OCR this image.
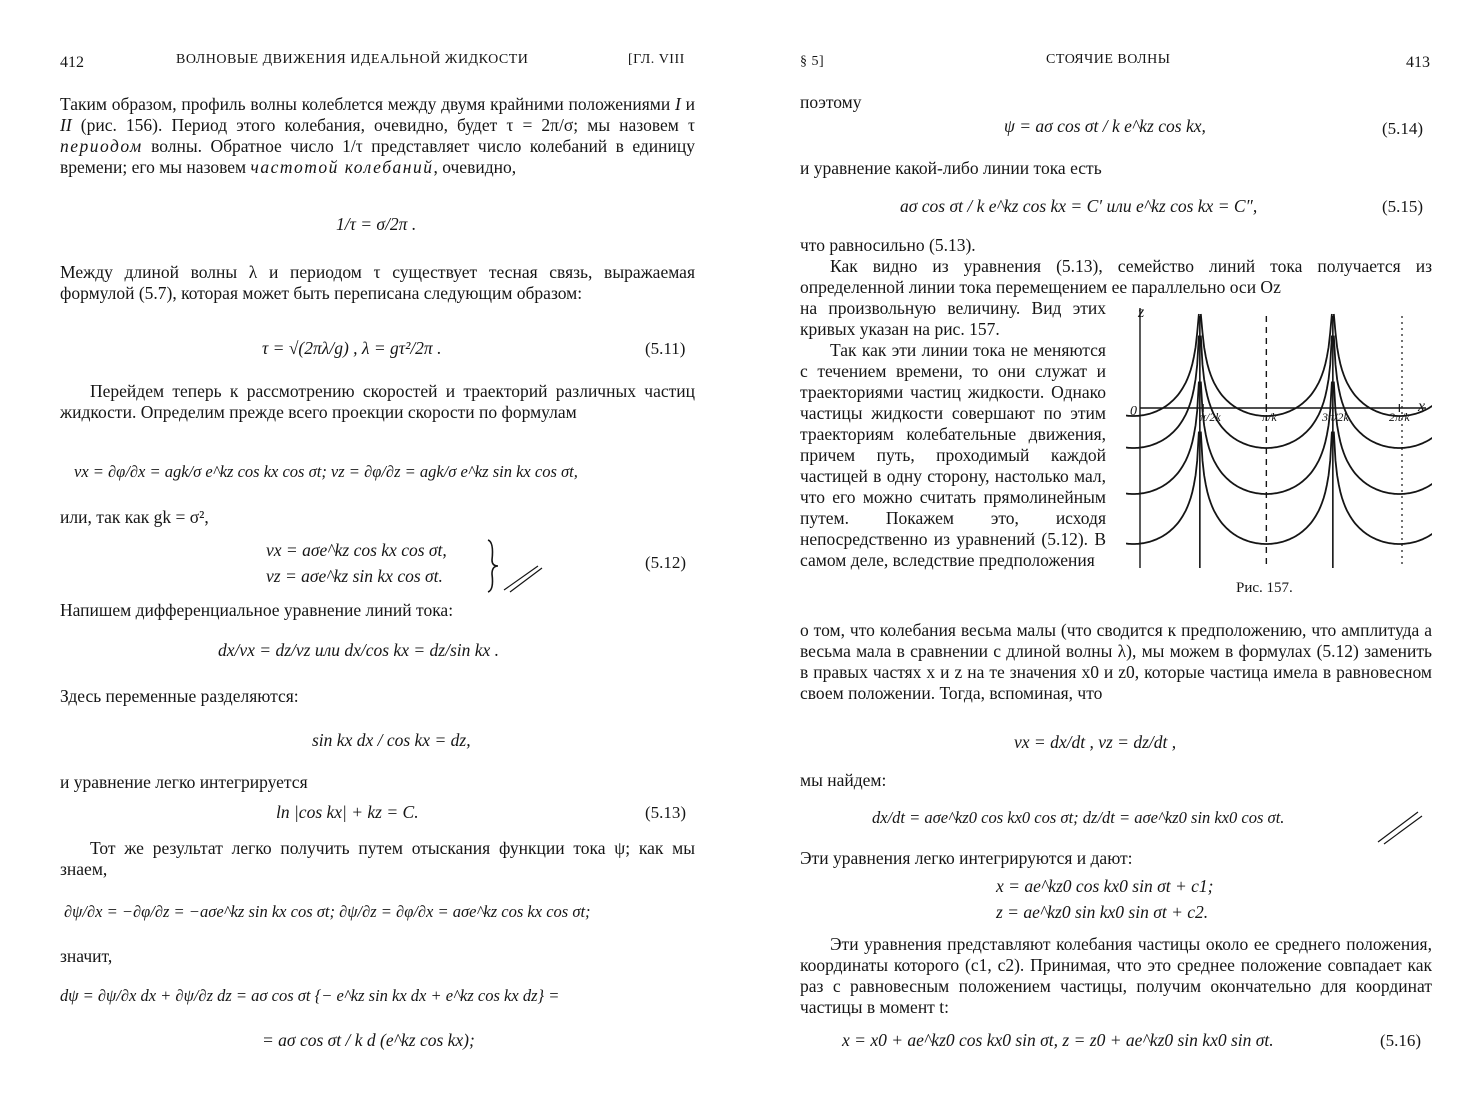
412	ВОЛНОВЫЕ ДВИЖЕНИЯ ИДЕАЛЬНОЙ ЖИДКОСТИ	[ГЛ. VIII
Таким образом, профиль волны колеблется между двумя крайними положениями I и II (рис. 156). Период этого колебания, очевидно, будет τ = 2π/σ; мы назовем τ периодом волны. Обратное число 1/τ представляет число колебаний в единицу времени; его мы назовем частотой колебаний, очевидно,
1/τ = σ/2π .
Между длиной волны λ и периодом τ существует тесная связь, выражаемая формулой (5.7), которая может быть переписана следующим образом:
τ = √(2πλ/g) , λ = gτ²/2π .	(5.11)
Перейдем теперь к рассмотрению скоростей и траекторий различных частиц жидкости. Определим прежде всего проекции скорости по формулам
vx = ∂φ/∂x = agk/σ e^kz cos kx cos σt; vz = ∂φ/∂z = agk/σ e^kz sin kx cos σt,
или, так как gk = σ²,
vx = aσe^kz cos kx cos σt,
vz = aσe^kz sin kx cos σt.
(5.12)
Напишем дифференциальное уравнение линий тока:
dx/vx = dz/vz или dx/cos kx = dz/sin kx .
Здесь переменные разделяются:
sin kx dx / cos kx = dz,
и уравнение легко интегрируется
ln |cos kx| + kz = C.	(5.13)
Тот же результат легко получить путем отыскания функции тока ψ; как мы знаем,
∂ψ/∂x = −∂φ/∂z = −aσe^kz sin kx cos σt; ∂ψ/∂z = ∂φ/∂x = aσe^kz cos kx cos σt;
значит,
dψ = ∂ψ/∂x dx + ∂ψ/∂z dz = aσ cos σt {− e^kz sin kx dx + e^kz cos kx dz} =
= aσ cos σt / k d (e^kz cos kx);
§ 5]	СТОЯЧИЕ ВОЛНЫ	413
поэтому
ψ = aσ cos σt / k e^kz cos kx,	(5.14)
и уравнение какой-либо линии тока есть
aσ cos σt / k e^kz cos kx = C′ или e^kz cos kx = C″,	(5.15)
что равносильно (5.13).
Как видно из уравнения (5.13), семейство линий тока получается из определенной линии тока перемещением ее параллельно оси Oz
на произвольную величину. Вид этих кривых указан на рис. 157.
Так как эти линии тока не меняются с течением времени, то они служат и траекториями частиц жидкости. Однако частицы жидкости совершают по этим траекториям колебательные движения, причем путь, проходимый каждой частицей в одну сторону, настолько мал, что его можно считать прямолинейным путем. Покажем это, исходя непосредственно из уравнений (5.12). В самом деле, вследствие предположения
z
x
0	π/2k	π/k	3π/2k	2π/k
Рис. 157.
о том, что колебания весьма малы (что сводится к предположению, что амплитуда a весьма мала в сравнении с длиной волны λ), мы можем в формулах (5.12) заменить в правых частях x и z на те значения x0 и z0, которые частица имела в равновесном своем положении. Тогда, вспоминая, что
vx = dx/dt , vz = dz/dt ,
мы найдем:
dx/dt = aσe^kz0 cos kx0 cos σt; dz/dt = aσe^kz0 sin kx0 cos σt.
Эти уравнения легко интегрируются и дают:
x = ae^kz0 cos kx0 sin σt + c1;
z = ae^kz0 sin kx0 sin σt + c2.
Эти уравнения представляют колебания частицы около ее среднего положения, координаты которого (c1, c2). Принимая, что это среднее положение совпадает как раз с равновесным положением частицы, получим окончательно для координат частицы в момент t:
x = x0 + ae^kz0 cos kx0 sin σt, z = z0 + ae^kz0 sin kx0 sin σt.	(5.16)
